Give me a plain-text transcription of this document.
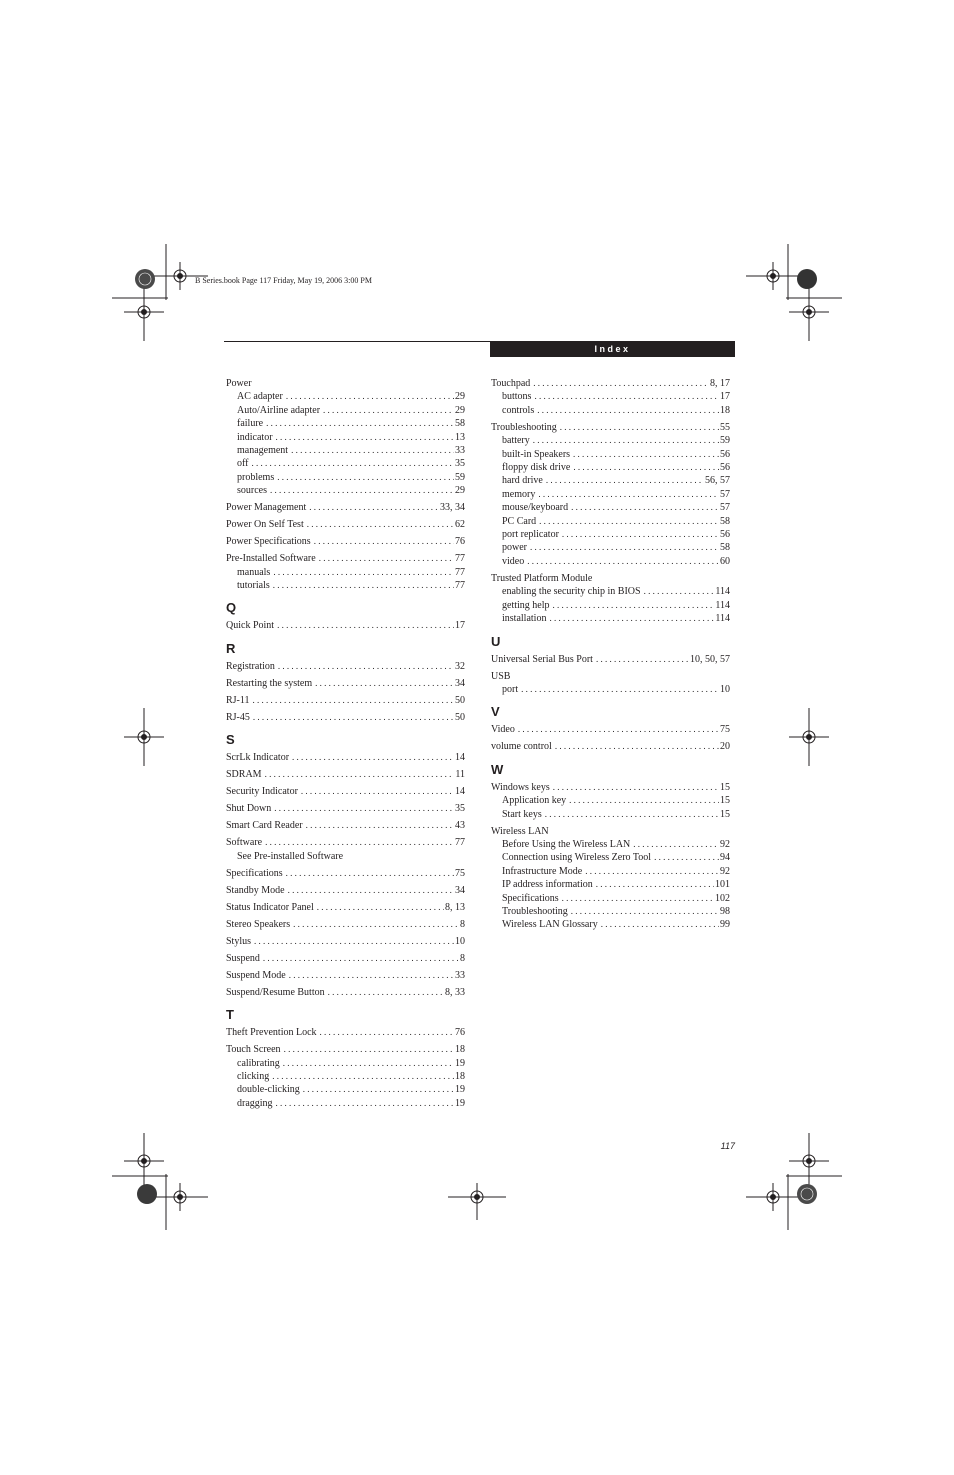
B Series.book Page 117 Friday, May 19, 2006 3:00 PM
Index
Power
AC adapter . . .	29
Auto/Airline adapter . . .	29
failure . . .	58
indicator . . .	13
management . . .	33
off . . .	35
problems . . .	59
sources . . .	29
Power Management . . .	33, 34
Power On Self Test . . .	62
Power Specifications . . .	76
Pre-Installed Software . . .	77
manuals . . .	77
tutorials . . .	77
Q
Quick Point . . .	17
R
Registration . . .	32
Restarting the system . . .	34
RJ-11 . . .	50
RJ-45 . . .	50
S
ScrLk Indicator . . .	14
SDRAM . . .	11
Security Indicator . . .	14
Shut Down . . .	35
Smart Card Reader . . .	43
Software . . .	77
See Pre-installed Software
Specifications . . .	75
Standby Mode . . .	34
Status Indicator Panel . . .	8, 13
Stereo Speakers . . .	8
Stylus . . .	10
Suspend . . .	8
Suspend Mode . . .	33
Suspend/Resume Button . . .	8, 33
T
Theft Prevention Lock . . .	76
Touch Screen . . .	18
calibrating . . .	19
clicking . . .	18
double-clicking . . .	19
dragging . . .	19
Touchpad . . .	8, 17
buttons . . .	17
controls . . .	18
Troubleshooting . . .	55
battery . . .	59
built-in Speakers . . .	56
floppy disk drive . . .	56
hard drive . . .	56, 57
memory . . .	57
mouse/keyboard . . .	57
PC Card . . .	58
port replicator . . .	56
power . . .	58
video . . .	60
Trusted Platform Module
enabling the security chip in BIOS . . .	114
getting help . . .	114
installation . . .	114
U
Universal Serial Bus Port . . .	10, 50, 57
USB
port . . .	10
V
Video . . .	75
volume control . . .	20
W
Windows keys . . .	15
Application key . . .	15
Start keys . . .	15
Wireless LAN
Before Using the Wireless LAN . . .	92
Connection using Wireless Zero Tool . . .	94
Infrastructure Mode . . .	92
IP address information . . .	101
Specifications . . .	102
Troubleshooting . . .	98
Wireless LAN Glossary . . .	99
117
